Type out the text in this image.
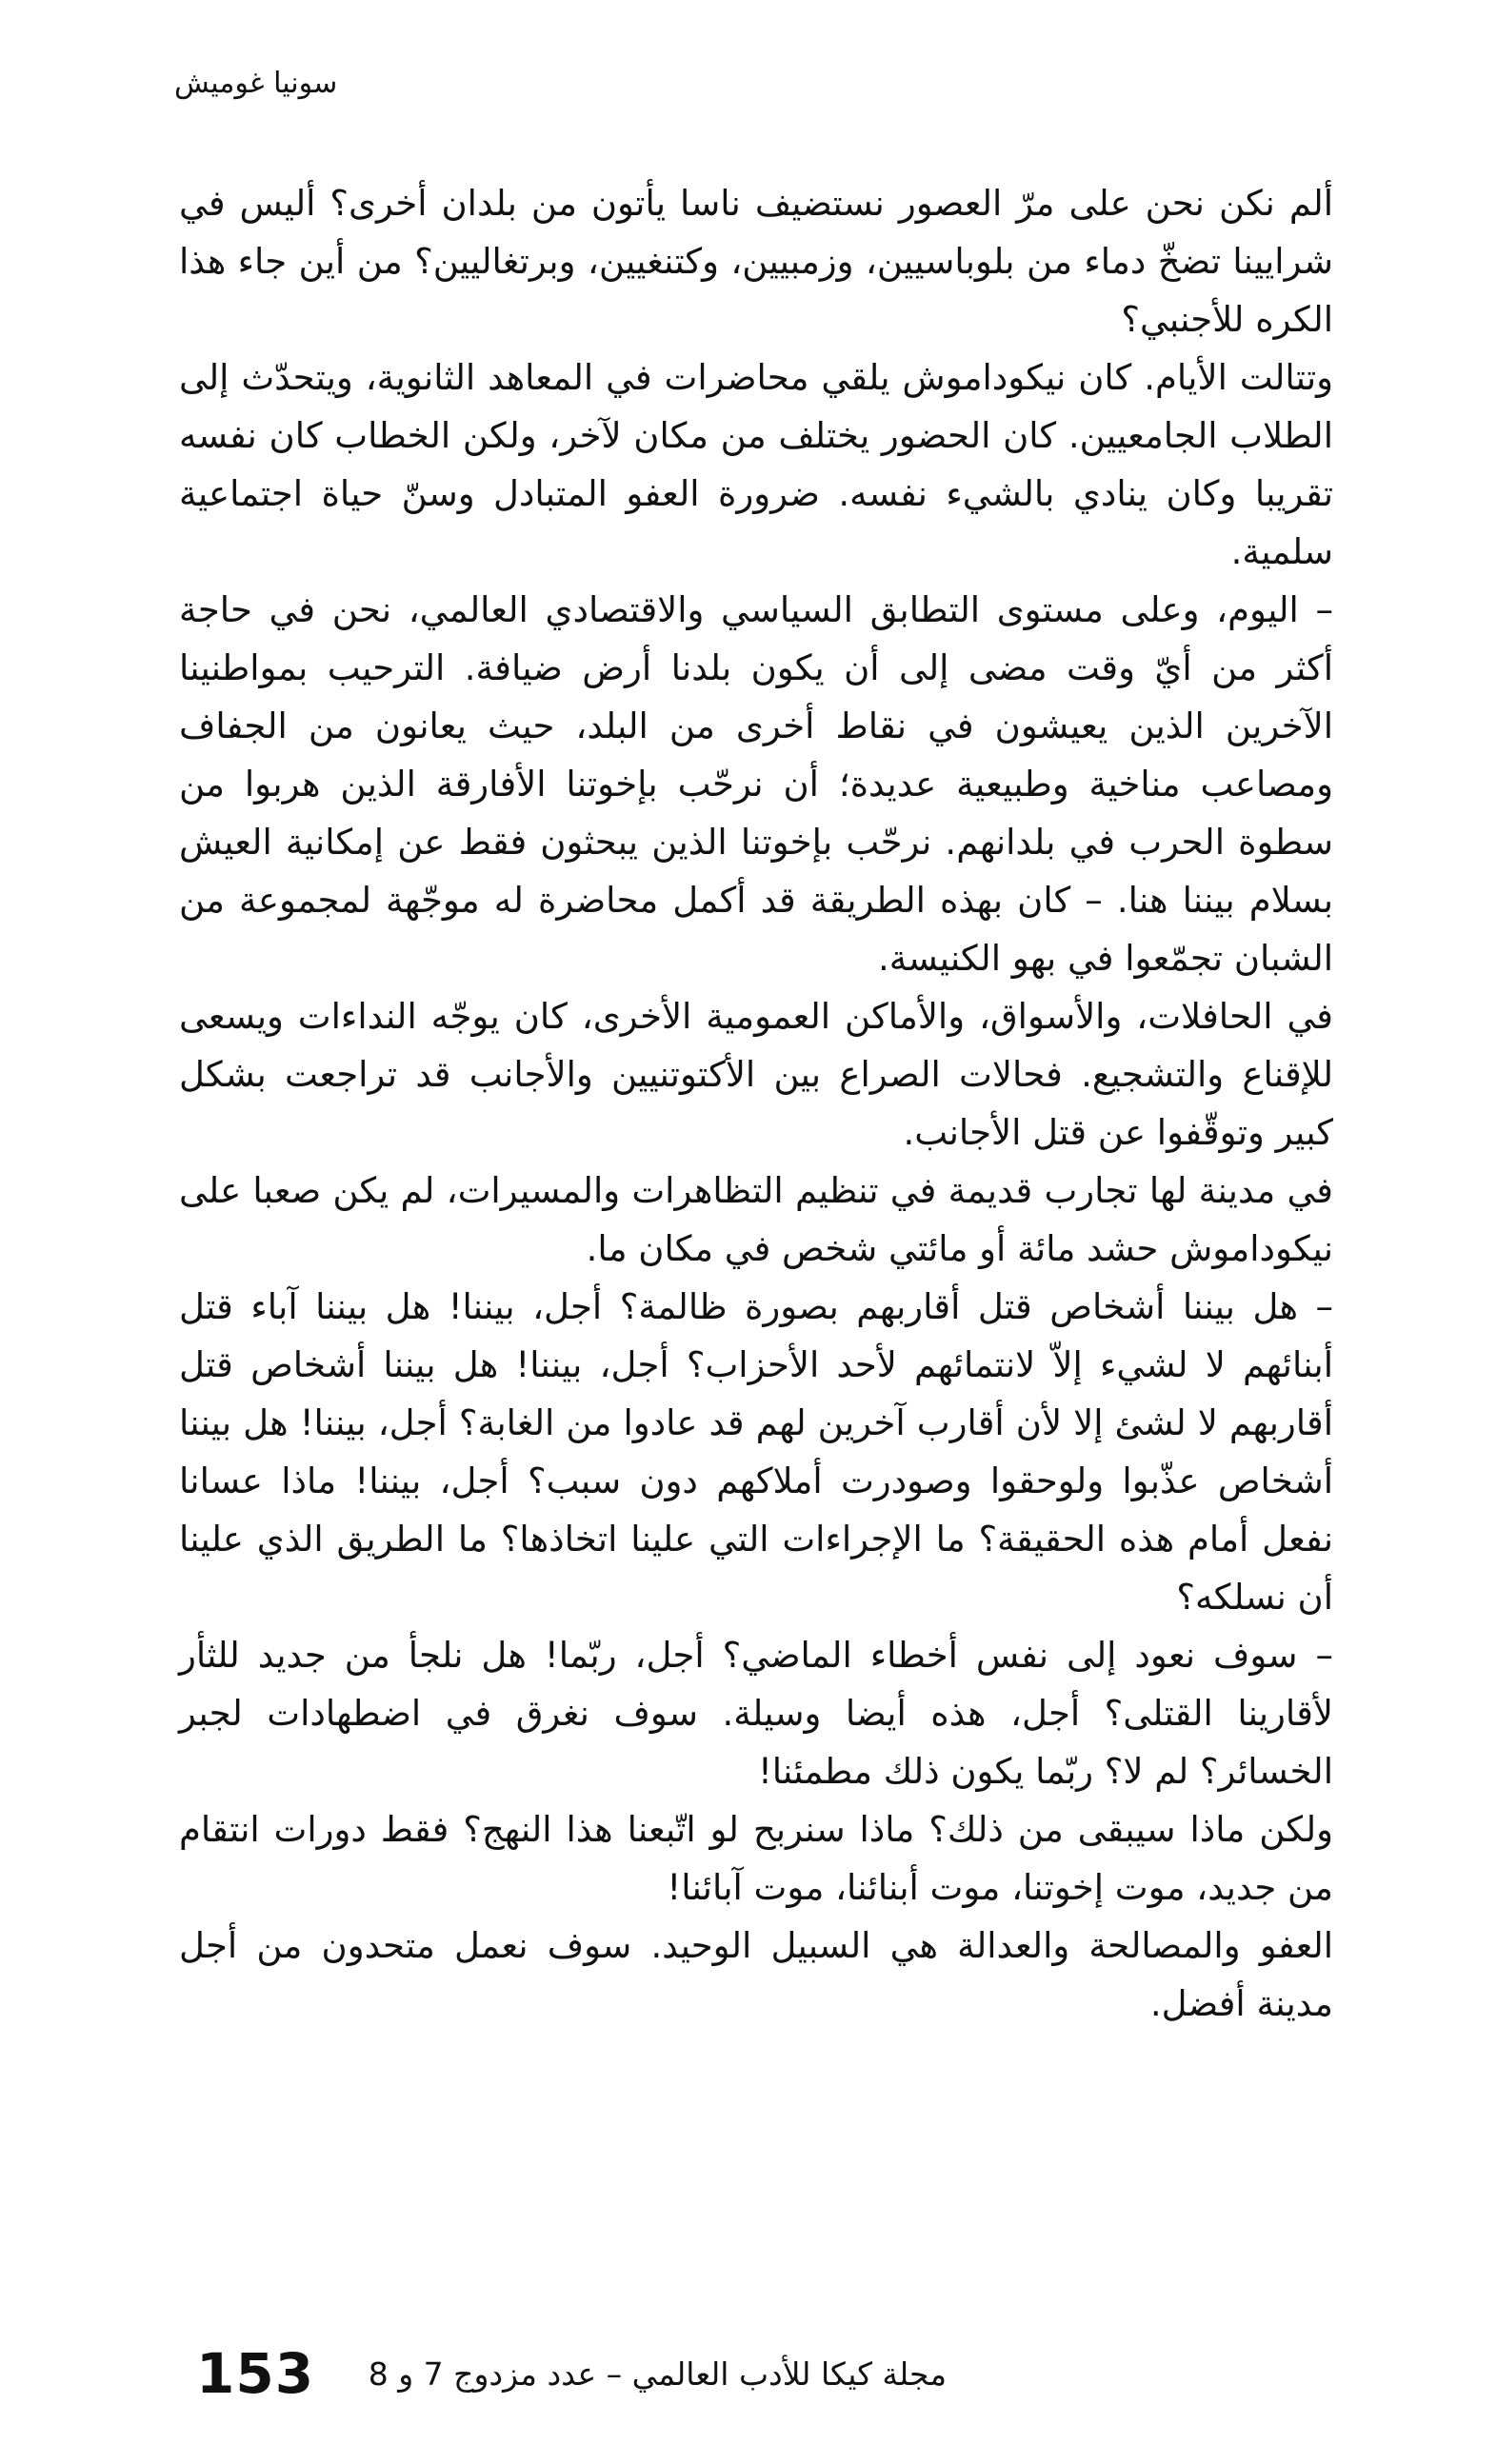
سونيا غوميش

ألم نكن نحن على مرّ العصور نستضيف ناسا يأتون من بلدان أخرى؟ أليس في شرايينا تضخّ دماء من بلوباسيين، وزمبيين، وكتنغيين، وبرتغاليين؟ من أين جاء هذا الكره للأجنبي؟

وتتالت الأيام. كان نيكوداموش يلقي محاضرات في المعاهد الثانوية، ويتحدّث إلى الطلاب الجامعيين. كان الحضور يختلف من مكان لآخر، ولكن الخطاب كان نفسه تقريبا وكان ينادي بالشيء نفسه. ضرورة العفو المتبادل وسنّ حياة اجتماعية سلمية.

– اليوم، وعلى مستوى التطابق السياسي والاقتصادي العالمي، نحن في حاجة أكثر من أيّ وقت مضى إلى أن يكون بلدنا أرض ضيافة. الترحيب بمواطنينا الآخرين الذين يعيشون في نقاط أخرى من البلد، حيث يعانون من الجفاف ومصاعب مناخية وطبيعية عديدة؛ أن نرحّب بإخوتنا الأفارقة الذين هربوا من سطوة الحرب في بلدانهم. نرحّب بإخوتنا الذين يبحثون فقط عن إمكانية العيش بسلام بيننا هنا. – كان بهذه الطريقة قد أكمل محاضرة له موجّهة لمجموعة من الشبان تجمّعوا في بهو الكنيسة.

في الحافلات، والأسواق، والأماكن العمومية الأخرى، كان يوجّه النداءات ويسعى للإقناع والتشجيع. فحالات الصراع بين الأكتوتنيين والأجانب قد تراجعت بشكل كبير وتوقّفوا عن قتل الأجانب.

في مدينة لها تجارب قديمة في تنظيم التظاهرات والمسيرات، لم يكن صعبا على نيكوداموش حشد مائة أو مائتي شخص في مكان ما.

– هل بيننا أشخاص قتل أقاربهم بصورة ظالمة؟ أجل، بيننا! هل بيننا آباء قتل أبنائهم لا لشيء إلاّ لانتمائهم لأحد الأحزاب؟ أجل، بيننا! هل بيننا أشخاص قتل أقاربهم لا لشئ إلا لأن أقارب آخرين لهم قد عادوا من الغابة؟ أجل، بيننا! هل بيننا أشخاص عذّبوا ولوحقوا وصودرت أملاكهم دون سبب؟ أجل، بيننا! ماذا عسانا نفعل أمام هذه الحقيقة؟ ما الإجراءات التي علينا اتخاذها؟ ما الطريق الذي علينا أن نسلكه؟

– سوف نعود إلى نفس أخطاء الماضي؟ أجل، ربّما! هل نلجأ من جديد للثأر لأقارينا القتلى؟ أجل، هذه أيضا وسيلة. سوف نغرق في اضطهادات لجبر الخسائر؟ لم لا؟ ربّما يكون ذلك مطمئنا!

ولكن ماذا سيبقى من ذلك؟ ماذا سنربح لو اتّبعنا هذا النهج؟ فقط دورات انتقام من جديد، موت إخوتنا، موت أبنائنا، موت آبائنا!

العفو والمصالحة والعدالة هي السبيل الوحيد. سوف نعمل متحدون من أجل مدينة أفضل.

153	مجلة كيكا للأدب العالمي – عدد مزدوج 7 و 8
